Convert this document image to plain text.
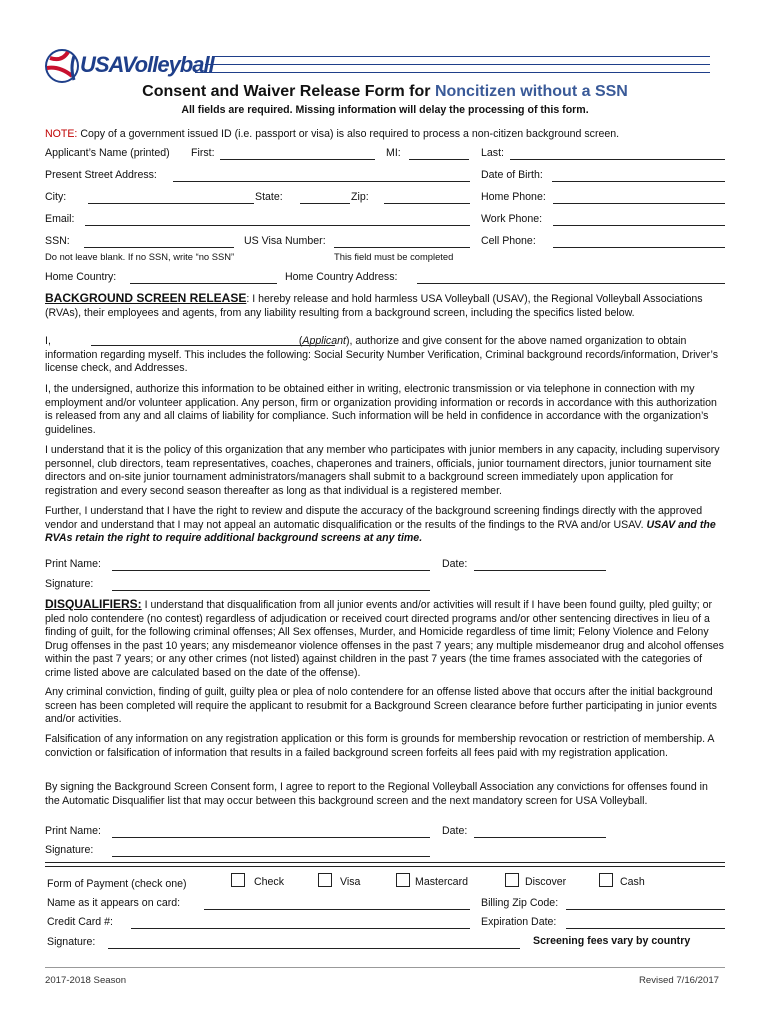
USAVolleyball
Consent and Waiver Release Form for Noncitizen without a SSN
All fields are required. Missing information will delay the processing of this form.
NOTE: Copy of a government issued ID (i.e. passport or visa) is also required to process a non-citizen background screen.
Applicant’s Name (printed) First:	MI:	Last:
Present Street Address:	Date of Birth:
City:	State:	Zip:	Home Phone:
Email:	Work Phone:
SSN:	US Visa Number:	Cell Phone:
Do not leave blank. If no SSN, write “no SSN”	This field must be completed
Home Country:	Home Country Address:
BACKGROUND SCREEN RELEASE: I hereby release and hold harmless USA Volleyball (USAV), the Regional Volleyball Associations (RVAs), their employees and agents, from any liability resulting from a background screen, including the specifics listed below.
I,	(Applicant), authorize and give consent for the above named organization to obtain information regarding myself. This includes the following: Social Security Number Verification, Criminal background records/information, Driver’s license check, and Addresses.
I, the undersigned, authorize this information to be obtained either in writing, electronic transmission or via telephone in connection with my employment and/or volunteer application. Any person, firm or organization providing information or records in accordance with this authorization is released from any and all claims of liability for compliance. Such information will be held in confidence in accordance with the organization’s guidelines.
I understand that it is the policy of this organization that any member who participates with junior members in any capacity, including supervisory personnel, club directors, team representatives, coaches, chaperones and trainers, officials, junior tournament directors, junior tournament site directors and on-site junior tournament administrators/managers shall submit to a background screen immediately upon application for registration and every second season thereafter as long as that individual is a registered member.
Further, I understand that I have the right to review and dispute the accuracy of the background screening findings directly with the approved vendor and understand that I may not appeal an automatic disqualification or the results of the findings to the RVA and/or USAV. USAV and the RVAs retain the right to require additional background screens at any time.
Print Name:	Date:
Signature:
DISQUALIFIERS: I understand that disqualification from all junior events and/or activities will result if I have been found guilty, pled guilty; or pled nolo contendere (no contest) regardless of adjudication or received court directed programs and/or other sentencing directives in lieu of a finding of guilt, for the following criminal offenses; All Sex offenses, Murder, and Homicide regardless of time limit; Felony Violence and Felony Drug offenses in the past 10 years; any misdemeanor violence offenses in the past 7 years; any multiple misdemeanor drug and alcohol offenses within the past 7 years; or any other crimes (not listed) against children in the past 7 years (the time frames associated with the categories of crime listed above are calculated based on the date of the offense).
Any criminal conviction, finding of guilt, guilty plea or plea of nolo contendere for an offense listed above that occurs after the initial background screen has been completed will require the applicant to resubmit for a Background Screen clearance before further participating in junior events and/or activities.
Falsification of any information on any registration application or this form is grounds for membership revocation or restriction of membership. A conviction or falsification of information that results in a failed background screen forfeits all fees paid with my registration application.
By signing the Background Screen Consent form, I agree to report to the Regional Volleyball Association any convictions for offenses found in the Automatic Disqualifier list that may occur between this background screen and the next mandatory screen for USA Volleyball.
Print Name:	Date:
Signature:
Form of Payment (check one)	Check	Visa	Mastercard	Discover	Cash
Name as it appears on card:	Billing Zip Code:
Credit Card #:	Expiration Date:
Signature:	Screening fees vary by country
2017-2018 Season	Revised 7/16/2017
